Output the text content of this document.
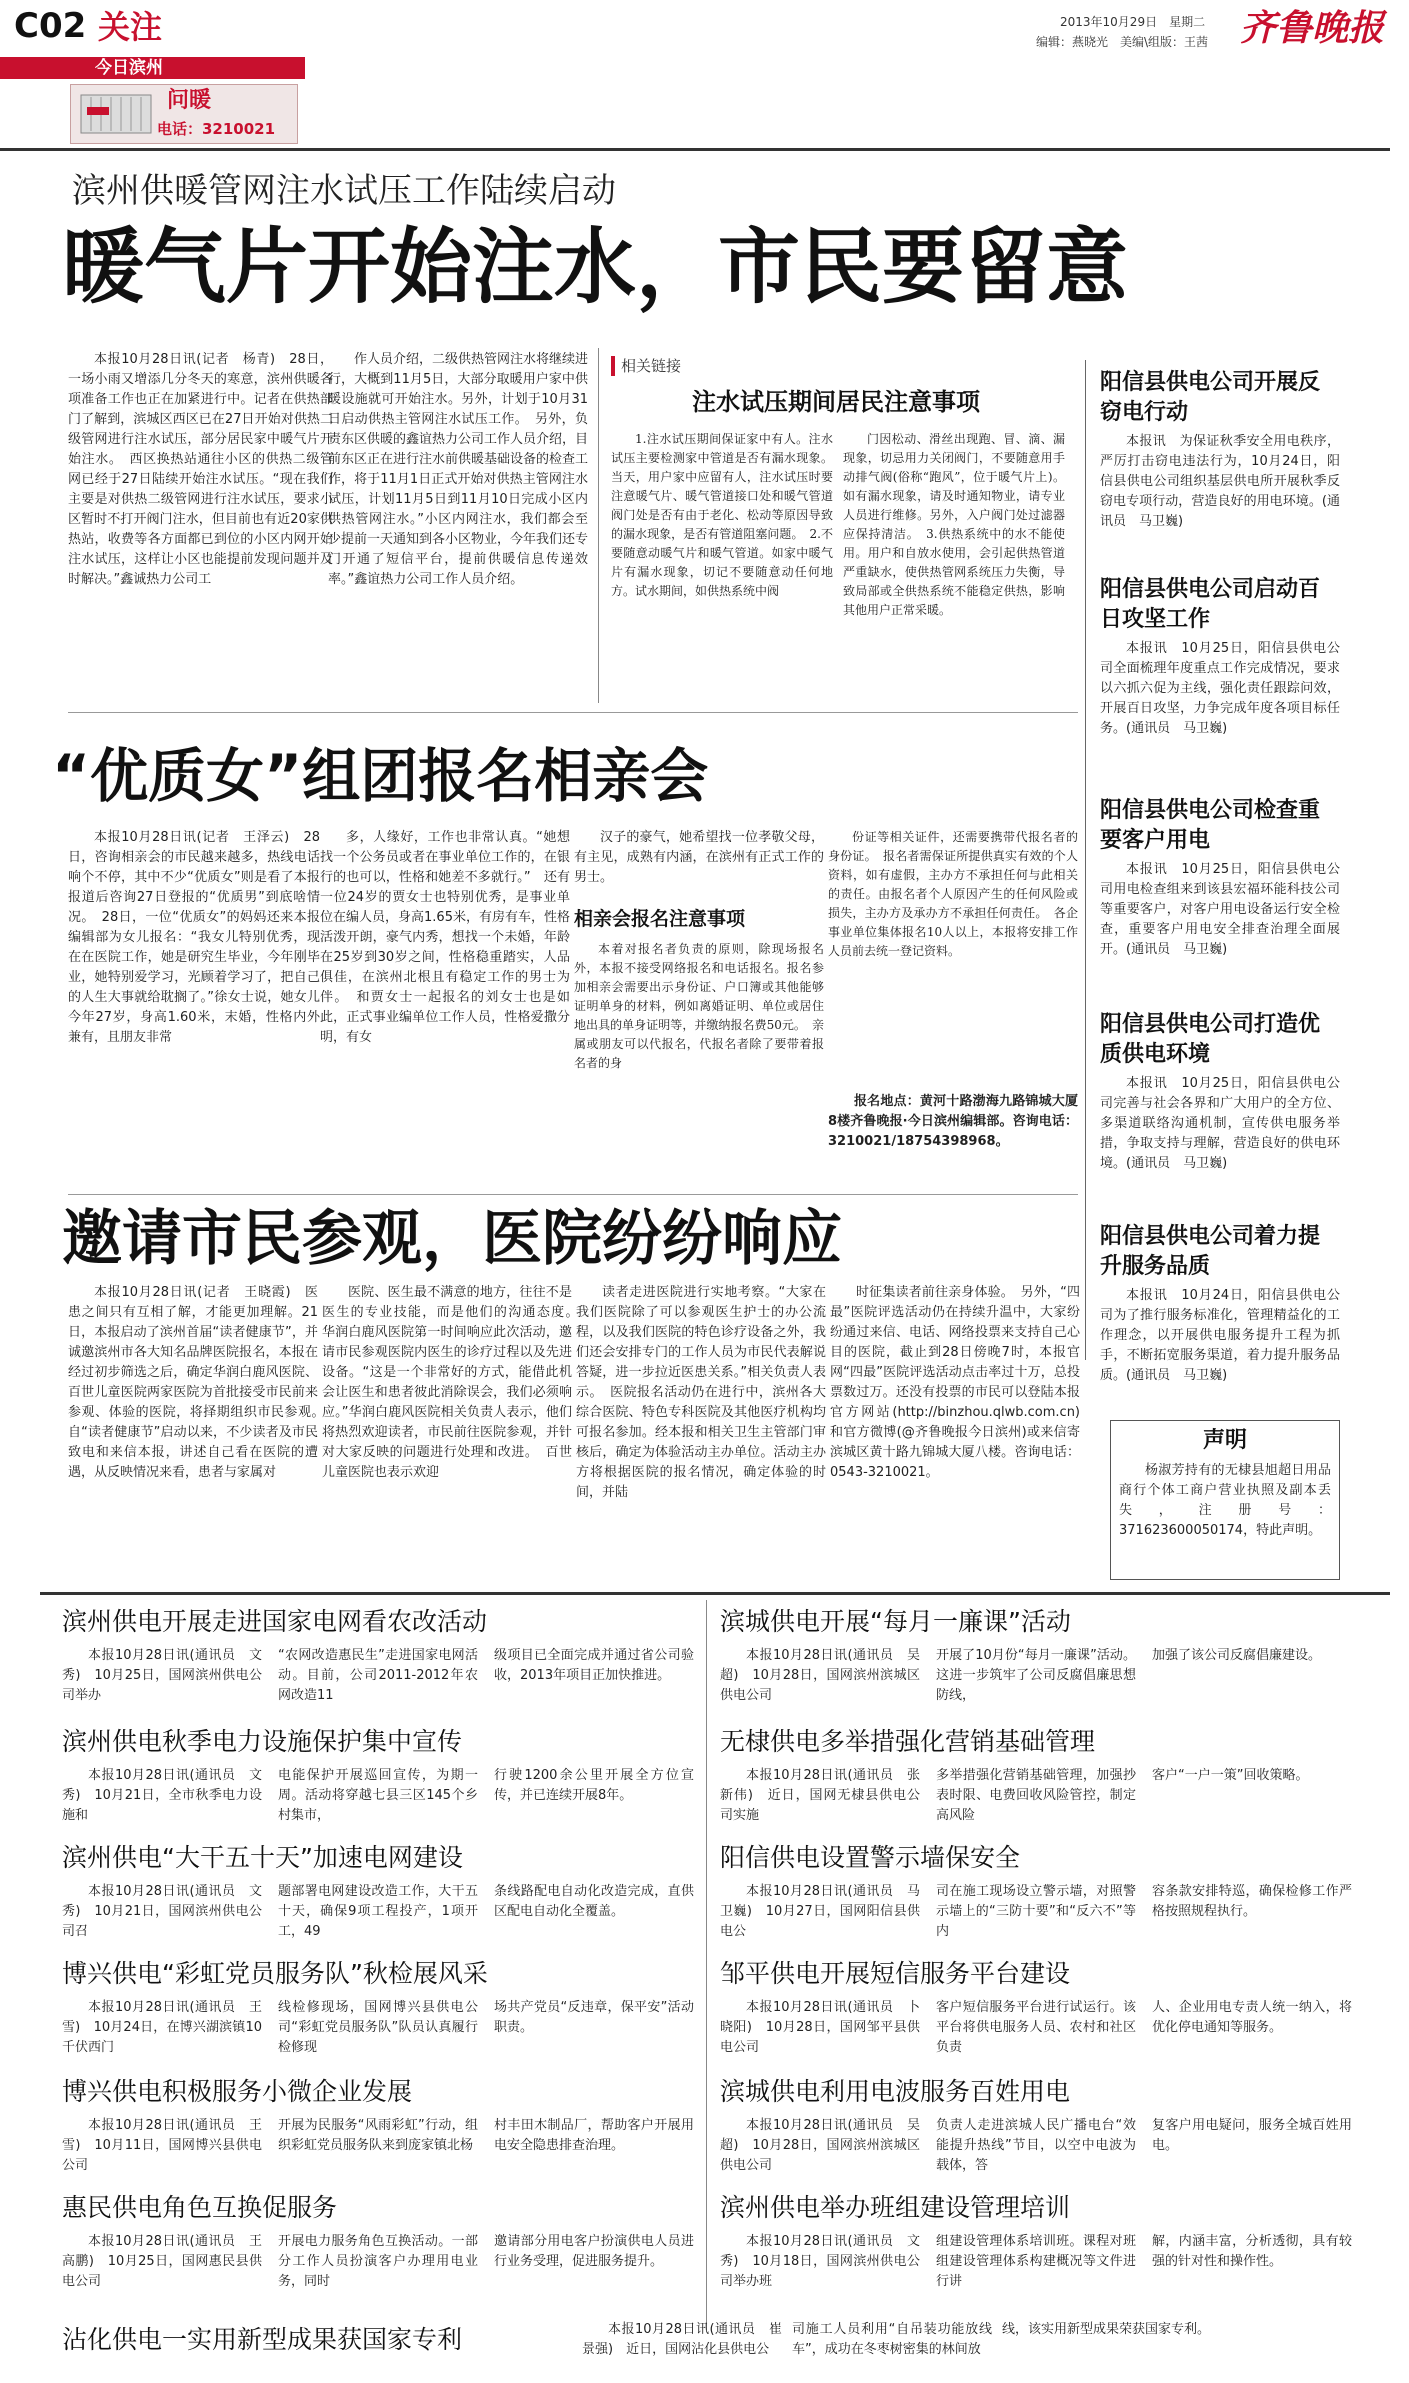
C02 关注
今日滨州
问暖
电话：3210021
2013年10月29日　星期二
编辑：燕晓光　美编\组版：王茜 齐鲁晚报
滨州供暖管网注水试压工作陆续启动
暖气片开始注水，市民要留意
本报10月28日讯(记者　杨青)　28日，一场小雨又增添几分冬天的寒意，滨州供暖各项准备工作也正在加紧进行中。记者在供热部门了解到，滨城区西区已在27日开始对供热二级管网进行注水试压，部分居民家中暖气片开始注水。　西区换热站通往小区的供热二级管网已经于27日陆续开始注水试压。“现在我们主要是对供热二级管网进行注水试压，要求小区暂时不打开阀门注水，但目前也有近20家供热站，收费等各方面都已到位的小区内网开始注水试压，这样让小区也能提前发现问题并及时解决。”鑫诚热力公司工
作人员介绍，二级供热管网注水将继续进行，大概到11月5日，大部分取暖用户家中供暖设施就可开始注水。另外，计划于10月31日启动供热主管网注水试压工作。　另外，负责东区供暖的鑫谊热力公司工作人员介绍，目前东区正在进行注水前供暖基础设备的检查工作，将于11月1日正式开始对供热主管网注水试压，计划11月5日到11月10日完成小区内供热管网注水。”小区内网注水，我们都会至少提前一天通知到各小区物业，今年我们还专门开通了短信平台，提前供暖信息传递效率。”鑫谊热力公司工作人员介绍。
相关链接
注水试压期间居民注意事项
1.注水试压期间保证家中有人。注水试压主要检测家中管道是否有漏水现象。当天，用户家中应留有人，注水试压时要注意暖气片、暖气管道接口处和暖气管道阀门处是否有由于老化、松动等原因导致的漏水现象，是否有管道阻塞问题。　2.不要随意动暖气片和暖气管道。如家中暖气片有漏水现象，切记不要随意动任何地方。试水期间，如供热系统中阀
门因松动、滑丝出现跑、冒、滴、漏现象，切忌用力关闭阀门，不要随意用手动排气阀(俗称“跑风”，位于暖气片上)。如有漏水现象，请及时通知物业，请专业人员进行维修。另外，入户阀门处过滤器应保持清洁。　3.供热系统中的水不能使用。用户和自放水使用，会引起供热管道严重缺水，使供热管网系统压力失衡，导致局部或全供热系统不能稳定供热，影响其他用户正常采暖。
阳信县供电公司开展反窃电行动
本报讯　为保证秋季安全用电秩序，严厉打击窃电违法行为，10月24日，阳信县供电公司组织基层供电所开展秋季反窃电专项行动，营造良好的用电环境。(通讯员　马卫巍)
阳信县供电公司启动百日攻坚工作
本报讯　10月25日，阳信县供电公司全面梳理年度重点工作完成情况，要求以六抓六促为主线，强化责任跟踪问效，开展百日攻坚，力争完成年度各项目标任务。(通讯员　马卫巍)
阳信县供电公司检查重要客户用电
本报讯　10月25日，阳信县供电公司用电检查组来到该县宏福环能科技公司等重要客户，对客户用电设备运行安全检查，重要客户用电安全排查治理全面展开。(通讯员　马卫巍)
阳信县供电公司打造优质供电环境
本报讯　10月25日，阳信县供电公司完善与社会各界和广大用户的全方位、多渠道联络沟通机制，宣传供电服务举措，争取支持与理解，营造良好的供电环境。(通讯员　马卫巍)
阳信县供电公司着力提升服务品质
本报讯　10月24日，阳信县供电公司为了推行服务标准化，管理精益化的工作理念，以开展供电服务提升工程为抓手，不断拓宽服务渠道，着力提升服务品质。(通讯员　马卫巍)
声明
杨淑芳持有的无棣县旭超日用品商行个体工商户营业执照及副本丢失，注册号：371623600050174，特此声明。
“优质女”组团报名相亲会
本报10月28日讯(记者　王泽云)　28日，咨询相亲会的市民越来越多，热线电话响个不停，其中不少“优质女”则是看了本报报道后咨询27日登报的“优质男”到底啥情况。　28日，一位“优质女”的妈妈还来本报编辑部为女儿报名：“我女儿特别优秀，现在在医院工作，她是研究生毕业，今年刚毕业，她特别爱学习，光顾着学习了，把自己的人生大事就给耽搁了。”徐女士说，她女儿今年27岁，身高1.60米，末婚，性格内外兼有，且朋友非常
多，人缘好，工作也非常认真。“她想找一个公务员或者在事业单位工作的，在银行的也可以，性格和她差不多就行。”　还有一位24岁的贾女士也特别优秀，是事业单位在编人员，身高1.65米，有房有车，性格活泼开朗，豪气内秀，想找一个未婚，年龄在25岁到30岁之间，性格稳重踏实，人品俱佳，在滨州北根且有稳定工作的男士为伴。　和贾女士一起报名的刘女士也是如此，正式事业编单位工作人员，性格爱撒分明，有女
汉子的豪气，她希望找一位孝敬父母，有主见，成熟有内涵，在滨州有正式工作的男士。
相亲会报名注意事项
本着对报名者负责的原则，除现场报名外，本报不接受网络报名和电话报名。报名参加相亲会需要出示身份证、户口簿或其他能够证明单身的材料，例如离婚证明、单位或居住地出具的单身证明等，并缴纳报名费50元。　亲属或朋友可以代报名，代报名者除了要带着报名者的身
份证等相关证件，还需要携带代报名者的身份证。　报名者需保证所提供真实有效的个人资料，如有虚假，主办方不承担任何与此相关的责任。由报名者个人原因产生的任何风险或损失，主办方及承办方不承担任何责任。　各企事业单位集体报名10人以上，本报将安排工作人员前去统一登记资料。
报名地点：黄河十路渤海九路锦城大厦8楼齐鲁晚报·今日滨州编辑部。咨询电话：3210021/18754398968。
邀请市民参观，医院纷纷响应
本报10月28日讯(记者　王晓霞)　医患之间只有互相了解，才能更加理解。21日，本报启动了滨州首届“读者健康节”，并诚邀滨州市各大知名品牌医院报名，本报在经过初步筛选之后，确定华润白鹿风医院、百世儿童医院两家医院为首批接受市民前来参观、体验的医院，将择期组织市民参观。　自“读者健康节”启动以来，不少读者及市民致电和来信本报，讲述自己看在医院的遭遇，从反映情况来看，患者与家属对
医院、医生最不满意的地方，往往不是医生的专业技能，而是他们的沟通态度。　华润白鹿风医院第一时间响应此次活动，邀请市民参观医院内医生的诊疗过程以及先进设备。“这是一个非常好的方式，能借此机会让医生和患者彼此消除误会，我们必须响应。”华润白鹿风医院相关负责人表示，他们将热烈欢迎读者，市民前往医院参观，并针对大家反映的问题进行处理和改进。　百世儿童医院也表示欢迎
读者走进医院进行实地考察。“大家在我们医院除了可以参观医生护士的办公流程，以及我们医院的特色诊疗设备之外，我们还会安排专门的工作人员为市民代表解说答疑，进一步拉近医患关系。”相关负责人表示。　医院报名活动仍在进行中，滨州各大综合医院、特色专科医院及其他医疗机构均可报名参加。经本报和相关卫生主管部门审核后，确定为体验活动主办单位。活动主办方将根据医院的报名情况，确定体验的时间，并陆
时征集读者前往亲身体验。　另外，“四最”医院评选活动仍在持续升温中，大家纷纷通过来信、电话、网络投票来支持自己心目的医院，截止到28日傍晚7时，本报官网“四最”医院评选活动点击率过十万，总投票数过万。还没有投票的市民可以登陆本报官方网站(http://binzhou.qlwb.com.cn)和官方微博(@齐鲁晚报今日滨州)或来信寄滨城区黄十路九锦城大厦八楼。咨询电话：0543-3210021。
滨州供电开展走进国家电网看农改活动
本报10月28日讯(通讯员　文秀)　10月25日，国网滨州供电公司举办
“农网改造惠民生”走进国家电网活动。目前，公司2011-2012年农网改造11
级项目已全面完成并通过省公司验收，2013年项目正加快推进。
滨州供电秋季电力设施保护集中宣传
本报10月28日讯(通讯员　文秀)　10月21日，全市秋季电力设施和
电能保护开展巡回宣传，为期一周。活动将穿越七县三区145个乡村集市，
行驶1200余公里开展全方位宣传，并已连续开展8年。
滨州供电“大干五十天”加速电网建设
本报10月28日讯(通讯员　文秀)　10月21日，国网滨州供电公司召
题部署电网建设改造工作，大干五十天，确保9项工程投产，1项开工，49
条线路配电自动化改造完成，直供区配电自动化全覆盖。
博兴供电“彩虹党员服务队”秋检展风采
本报10月28日讯(通讯员　王雪)　10月24日，在博兴湖滨镇10千伏西门
线检修现场，国网博兴县供电公司“彩虹党员服务队”队员认真履行检修现
场共产党员“反违章，保平安”活动职责。
博兴供电积极服务小微企业发展
本报10月28日讯(通讯员　王雪)　10月11日，国网博兴县供电公司
开展为民服务“风雨彩虹”行动，组织彩虹党员服务队来到庞家镇北杨
村丰田木制品厂，帮助客户开展用电安全隐患排查治理。
惠民供电角色互换促服务
本报10月28日讯(通讯员　王高鹏)　10月25日，国网惠民县供电公司
开展电力服务角色互换活动。一部分工作人员扮演客户办理用电业务，同时
邀请部分用电客户扮演供电人员进行业务受理，促进服务提升。
滨城供电开展“每月一廉课”活动
本报10月28日讯(通讯员　吴超)　10月28日，国网滨州滨城区供电公司
开展了10月份“每月一廉课”活动。这进一步筑牢了公司反腐倡廉思想防线，
加强了该公司反腐倡廉建设。
无棣供电多举措强化营销基础管理
本报10月28日讯(通讯员　张新伟)　近日，国网无棣县供电公司实施
多举措强化营销基础管理，加强抄表时限、电费回收风险管控，制定高风险
客户“一户一策”回收策略。
阳信供电设置警示墙保安全
本报10月28日讯(通讯员　马卫巍)　10月27日，国网阳信县供电公
司在施工现场设立警示墙，对照警示墙上的“三防十要”和“反六不”等内
容条款安排特巡，确保检修工作严格按照规程执行。
邹平供电开展短信服务平台建设
本报10月28日讯(通讯员　卜晓阳)　10月28日，国网邹平县供电公司
客户短信服务平台进行试运行。该平台将供电服务人员、农村和社区负责
人、企业用电专责人统一纳入，将优化停电通知等服务。
滨城供电利用电波服务百姓用电
本报10月28日讯(通讯员　吴超)　10月28日，国网滨州滨城区供电公司
负责人走进滨城人民广播电台“效能提升热线”节目，以空中电波为载体，答
复客户用电疑问，服务全城百姓用电。
滨州供电举办班组建设管理培训
本报10月28日讯(通讯员　文秀)　10月18日，国网滨州供电公司举办班
组建设管理体系培训班。课程对班组建设管理体系构建概况等文件进行讲
解，内涵丰富，分析透彻，具有较强的针对性和操作性。
沾化供电一实用新型成果获国家专利	本报10月28日讯(通讯员　崔景强)　近日，国网沾化县供电公
司施工人员利用“自吊装功能放线车”，成功在冬枣树密集的林间放
线，该实用新型成果荣获国家专利。
